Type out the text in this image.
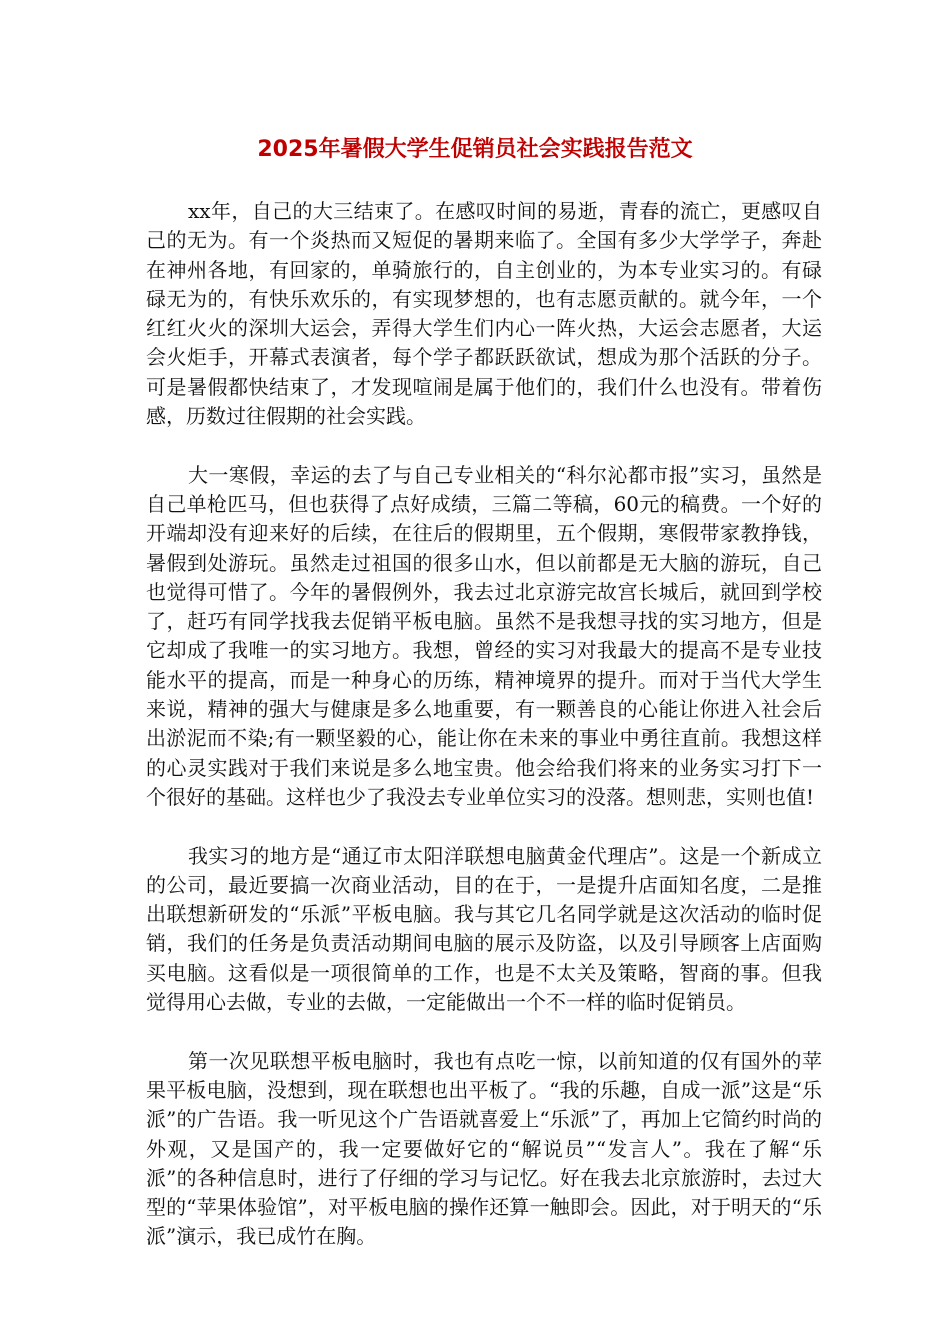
2025年暑假大学生促销员社会实践报告范文

xx年，自己的大三结束了。在感叹时间的易逝，青春的流亡，更感叹自己的无为。有一个炎热而又短促的暑期来临了。全国有多少大学学子，奔赴在神州各地，有回家的，单骑旅行的，自主创业的，为本专业实习的。有碌碌无为的，有快乐欢乐的，有实现梦想的，也有志愿贡献的。就今年，一个红红火火的深圳大运会，弄得大学生们内心一阵火热，大运会志愿者，大运会火炬手，开幕式表演者，每个学子都跃跃欲试，想成为那个活跃的分子。可是暑假都快结束了，才发现喧闹是属于他们的，我们什么也没有。带着伤感，历数过往假期的社会实践。

大一寒假，幸运的去了与自己专业相关的“科尔沁都市报”实习，虽然是自己单枪匹马，但也获得了点好成绩，三篇二等稿，60元的稿费。一个好的开端却没有迎来好的后续，在往后的假期里，五个假期，寒假带家教挣钱，暑假到处游玩。虽然走过祖国的很多山水，但以前都是无大脑的游玩，自己也觉得可惜了。今年的暑假例外，我去过北京游完故宫长城后，就回到学校了，赶巧有同学找我去促销平板电脑。虽然不是我想寻找的实习地方，但是它却成了我唯一的实习地方。我想，曾经的实习对我最大的提高不是专业技能水平的提高，而是一种身心的历练，精神境界的提升。而对于当代大学生来说，精神的强大与健康是多么地重要，有一颗善良的心能让你进入社会后出淤泥而不染;有一颗坚毅的心，能让你在未来的事业中勇往直前。我想这样的心灵实践对于我们来说是多么地宝贵。他会给我们将来的业务实习打下一个很好的基础。这样也少了我没去专业单位实习的没落。想则悲，实则也值!

我实习的地方是“通辽市太阳洋联想电脑黄金代理店”。这是一个新成立的公司，最近要搞一次商业活动，目的在于，一是提升店面知名度，二是推出联想新研发的“乐派”平板电脑。我与其它几名同学就是这次活动的临时促销，我们的任务是负责活动期间电脑的展示及防盗，以及引导顾客上店面购买电脑。这看似是一项很简单的工作，也是不太关及策略，智商的事。但我觉得用心去做，专业的去做，一定能做出一个不一样的临时促销员。

第一次见联想平板电脑时，我也有点吃一惊，以前知道的仅有国外的苹果平板电脑，没想到，现在联想也出平板了。“我的乐趣，自成一派”这是“乐派”的广告语。我一听见这个广告语就喜爱上“乐派”了，再加上它简约时尚的外观，又是国产的，我一定要做好它的“解说员”“发言人”。我在了解“乐派”的各种信息时，进行了仔细的学习与记忆。好在我去北京旅游时，去过大型的“苹果体验馆”，对平板电脑的操作还算一触即会。因此，对于明天的“乐派”演示，我已成竹在胸。
